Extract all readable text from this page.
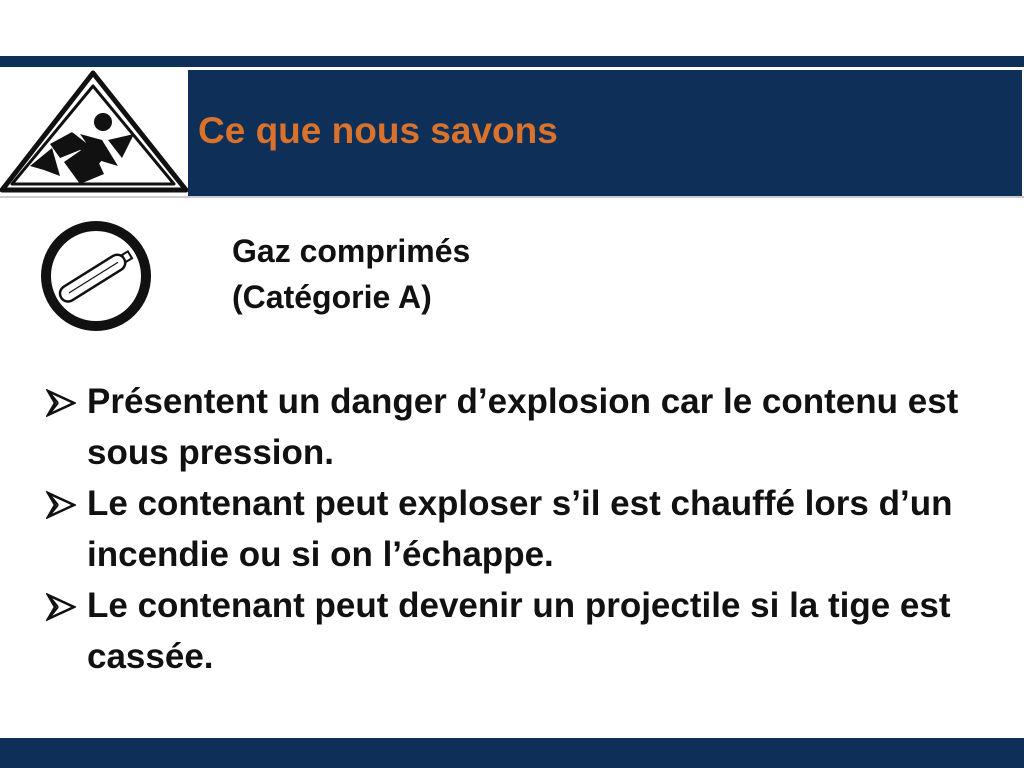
Ce que nous savons
Gaz comprimés
(Catégorie A)
Présentent un danger d’explosion car le contenu est sous pression.
Le contenant peut exploser s’il est chauffé lors d’un incendie ou si on l’échappe.
Le contenant peut devenir un projectile si la tige est cassée.
